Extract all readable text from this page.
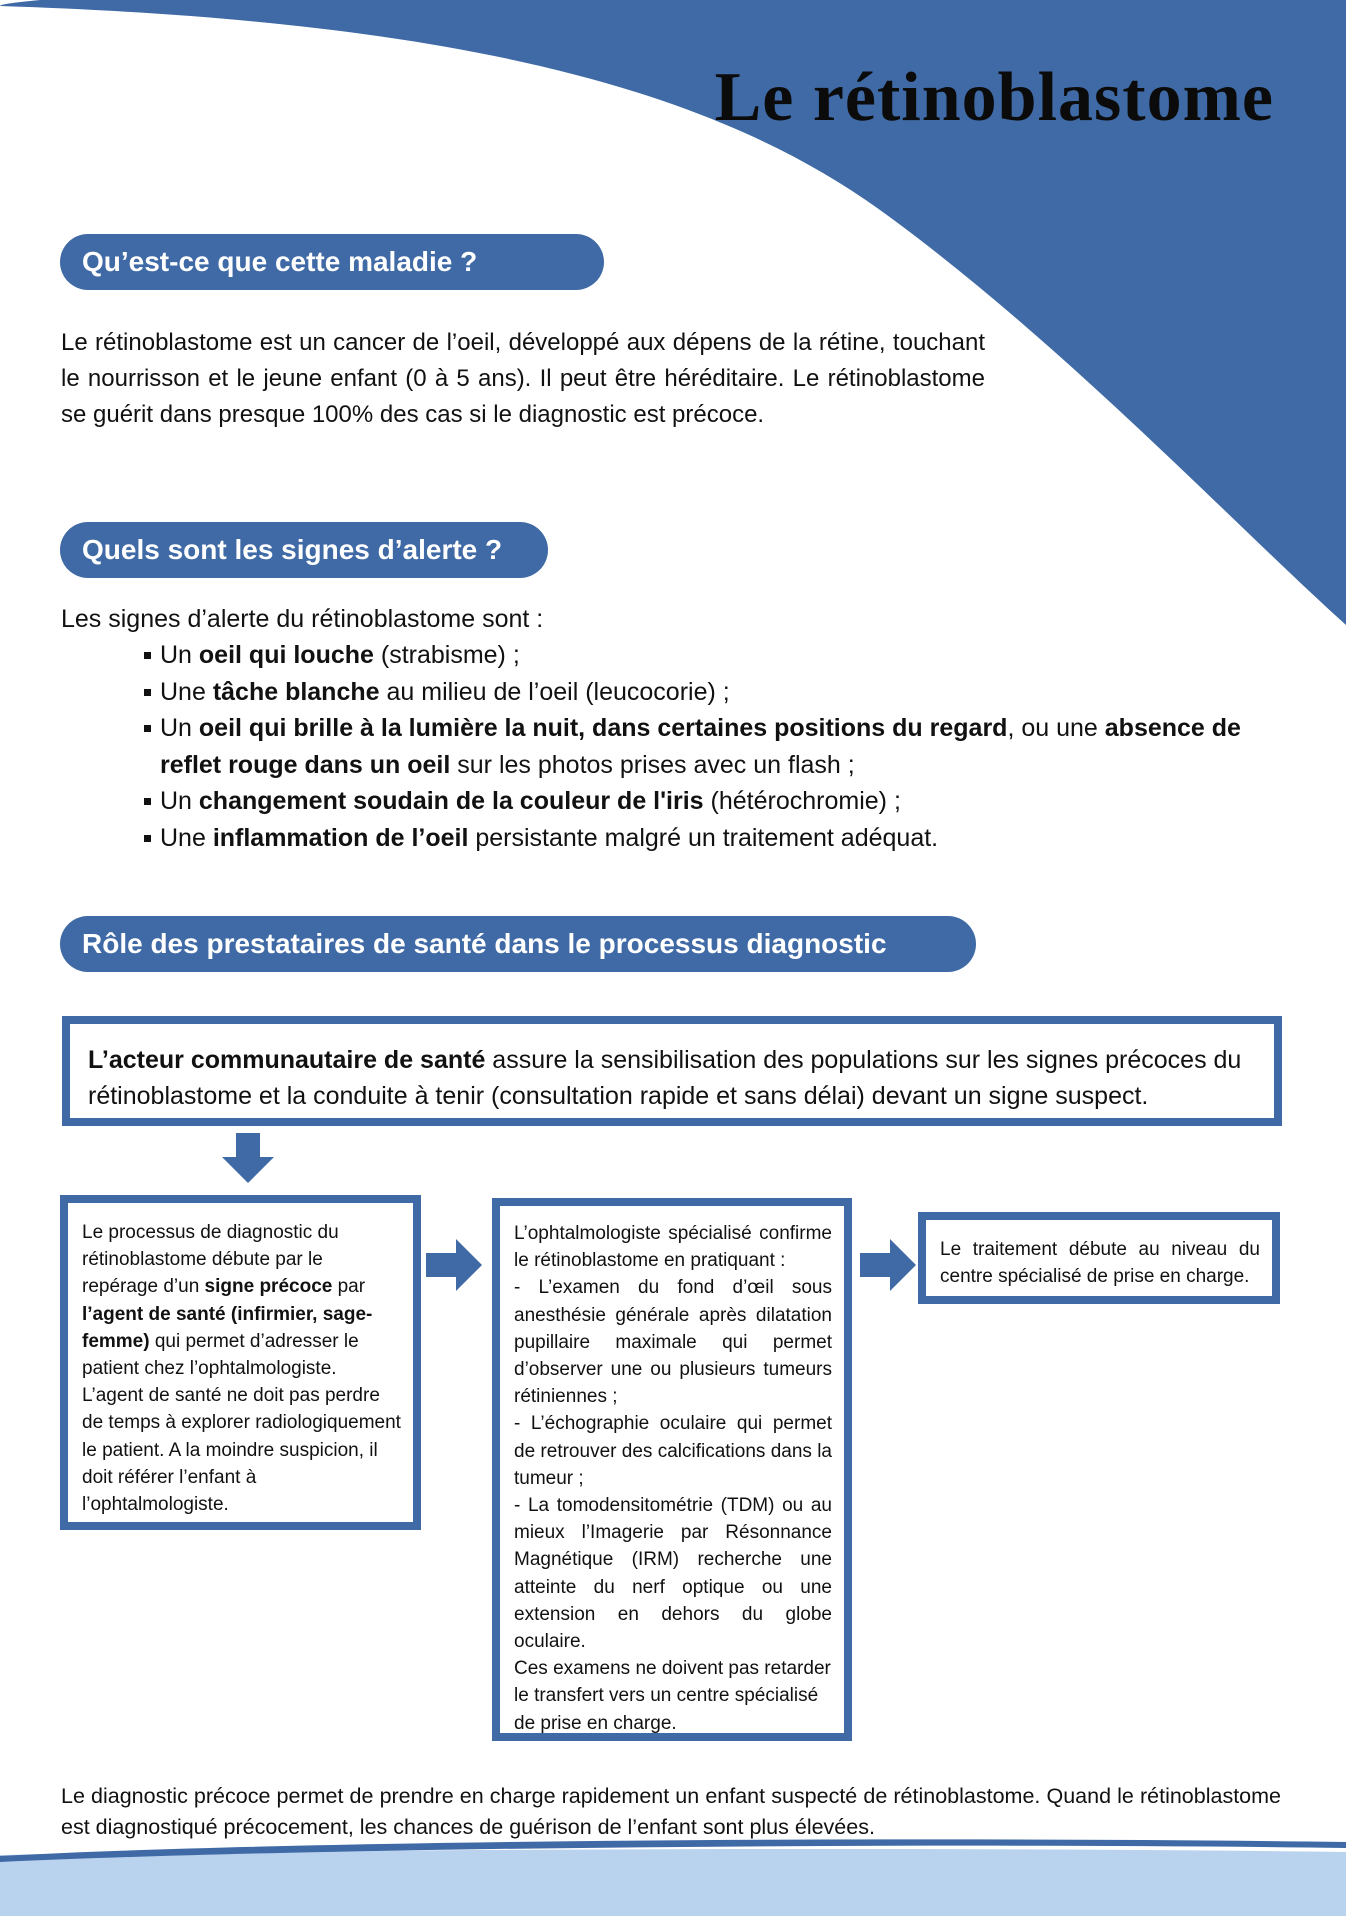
Le rétinoblastome
Qu’est-ce que cette maladie ?

Le rétinoblastome est un cancer de l’oeil, développé aux dépens de la rétine, touchant le nourrisson et le jeune enfant (0 à 5 ans). Il peut être héréditaire. Le rétinoblastome se guérit dans presque 100% des cas si le diagnostic est précoce.

Quels sont les signes d’alerte ?

Les signes d’alerte du rétinoblastome sont :

Un oeil qui louche (strabisme) ;
Une tâche blanche au milieu de l’oeil (leucocorie) ;
Un oeil qui brille à la lumière la nuit, dans certaines positions du regard, ou une absence de reflet rouge dans un oeil sur les photos prises avec un flash ;
Un changement soudain de la couleur de l'iris (hétérochromie) ;
Une inflammation de l’oeil persistante malgré un traitement adéquat.
Rôle des prestataires de santé dans le processus diagnostic
L’acteur communautaire de santé assure la sensibilisation des populations sur les signes précoces du rétinoblastome et la conduite à tenir (consultation rapide et sans délai) devant un signe suspect.
Le processus de diagnostic du rétinoblastome débute par le repérage d’un signe précoce par l’agent de santé (infirmier, sage-femme) qui permet d’adresser le patient chez l’ophtalmologiste. L’agent de santé ne doit pas perdre de temps à explorer radiologiquement le patient. A la moindre suspicion, il doit référer l’enfant à l’ophtalmologiste.
L’ophtalmologiste spécialisé confirme le rétinoblastome en pratiquant :
- L’examen du fond d’œil sous anesthésie générale après dilatation pupillaire maximale qui permet d’observer une ou plusieurs tumeurs rétiniennes ;
- L’échographie oculaire qui permet de retrouver des calcifications dans la tumeur ;
- La tomodensitométrie (TDM) ou au mieux l’Imagerie par Résonnance Magnétique (IRM) recherche une atteinte du nerf optique ou une extension en dehors du globe oculaire.
Ces examens ne doivent pas retarder le transfert vers un centre spécialisé de prise en charge.
Le traitement débute au niveau du centre spécialisé de prise en charge.

Le diagnostic précoce permet de prendre en charge rapidement un enfant suspecté de rétinoblastome. Quand le rétinoblastome est diagnostiqué précocement, les chances de guérison de l’enfant sont plus élevées.
